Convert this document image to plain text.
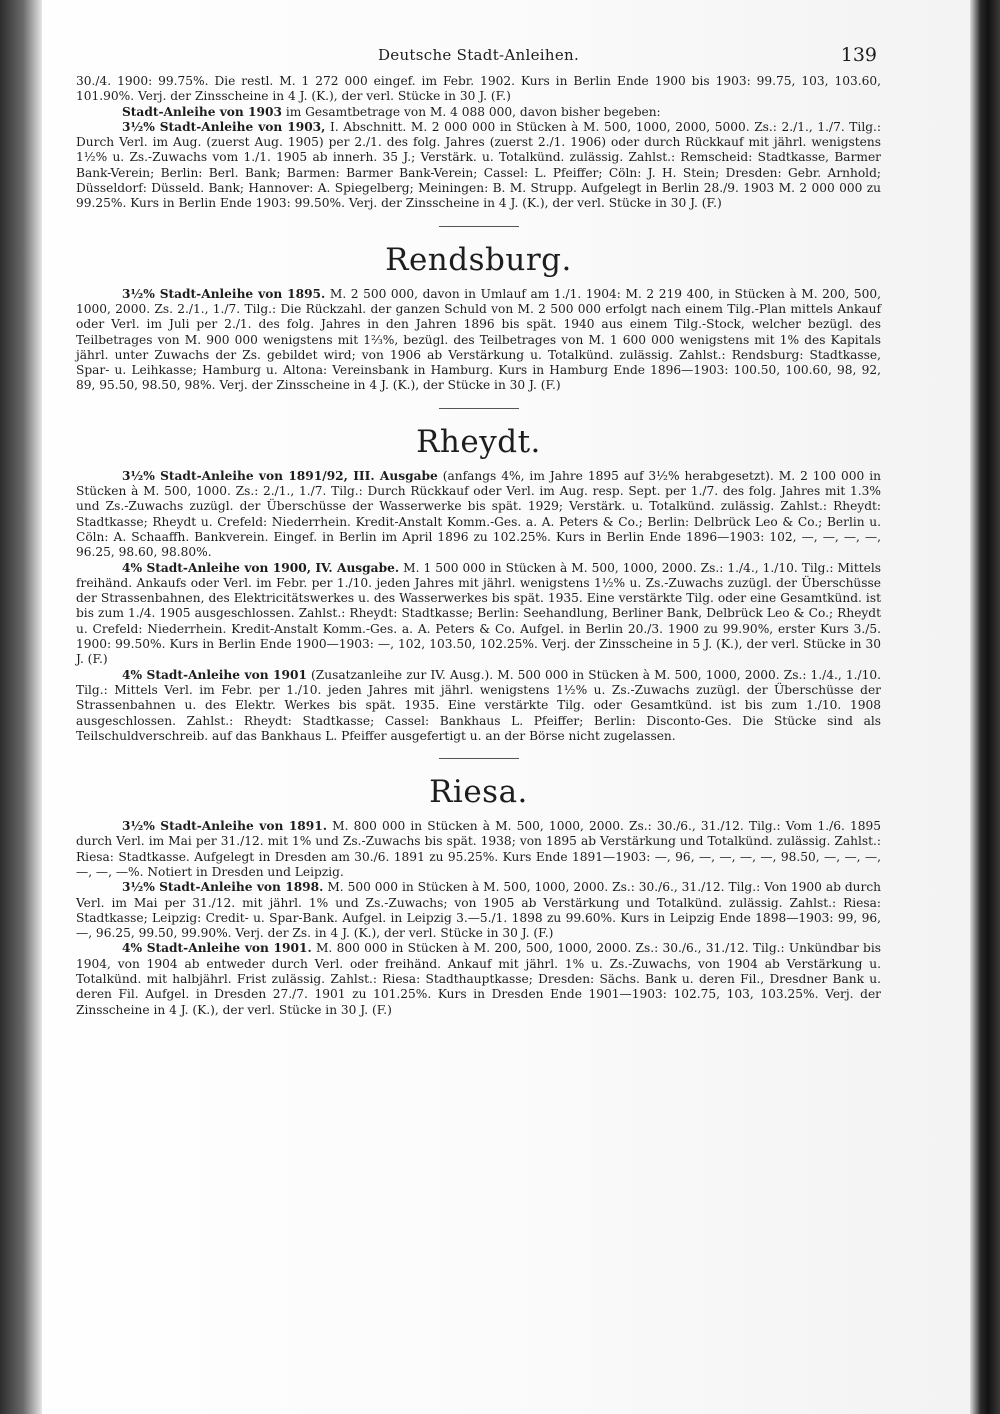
Deutsche Stadt-Anleihen.	139

30./4. 1900: 99.75%. Die restl. M. 1 272 000 eingef. im Febr. 1902. Kurs in Berlin Ende 1900 bis 1903: 99.75, 103, 103.60, 101.90%. Verj. der Zinsscheine in 4 J. (K.), der verl. Stücke in 30 J. (F.)

Stadt-Anleihe von 1903 im Gesamtbetrage von M. 4 088 000, davon bisher begeben:

3½% Stadt-Anleihe von 1903, I. Abschnitt. M. 2 000 000 in Stücken à M. 500, 1000, 2000, 5000. Zs.: 2./1., 1./7. Tilg.: Durch Verl. im Aug. (zuerst Aug. 1905) per 2./1. des folg. Jahres (zuerst 2./1. 1906) oder durch Rückkauf mit jährl. wenigstens 1½% u. Zs.-Zuwachs vom 1./1. 1905 ab innerh. 35 J.; Verstärk. u. Totalkünd. zulässig. Zahlst.: Remscheid: Stadtkasse, Barmer Bank-Verein; Berlin: Berl. Bank; Barmen: Barmer Bank-Verein; Cassel: L. Pfeiffer; Cöln: J. H. Stein; Dresden: Gebr. Arnhold; Düsseldorf: Düsseld. Bank; Hannover: A. Spiegelberg; Meiningen: B. M. Strupp. Aufgelegt in Berlin 28./9. 1903 M. 2 000 000 zu 99.25%. Kurs in Berlin Ende 1903: 99.50%. Verj. der Zinsscheine in 4 J. (K.), der verl. Stücke in 30 J. (F.)

Rendsburg.

3½% Stadt-Anleihe von 1895. M. 2 500 000, davon in Umlauf am 1./1. 1904: M. 2 219 400, in Stücken à M. 200, 500, 1000, 2000. Zs. 2./1., 1./7. Tilg.: Die Rückzahl. der ganzen Schuld von M. 2 500 000 erfolgt nach einem Tilg.-Plan mittels Ankauf oder Verl. im Juli per 2./1. des folg. Jahres in den Jahren 1896 bis spät. 1940 aus einem Tilg.-Stock, welcher bezügl. des Teilbetrages von M. 900 000 wenigstens mit 1⅔%, bezügl. des Teilbetrages von M. 1 600 000 wenigstens mit 1% des Kapitals jährl. unter Zuwachs der Zs. gebildet wird; von 1906 ab Verstärkung u. Totalkünd. zulässig. Zahlst.: Rendsburg: Stadtkasse, Spar- u. Leihkasse; Hamburg u. Altona: Vereinsbank in Hamburg. Kurs in Hamburg Ende 1896—1903: 100.50, 100.60, 98, 92, 89, 95.50, 98.50, 98%. Verj. der Zinsscheine in 4 J. (K.), der Stücke in 30 J. (F.)

Rheydt.

3½% Stadt-Anleihe von 1891/92, III. Ausgabe (anfangs 4%, im Jahre 1895 auf 3½% herabgesetzt). M. 2 100 000 in Stücken à M. 500, 1000. Zs.: 2./1., 1./7. Tilg.: Durch Rückkauf oder Verl. im Aug. resp. Sept. per 1./7. des folg. Jahres mit 1.3% und Zs.-Zuwachs zuzügl. der Überschüsse der Wasserwerke bis spät. 1929; Verstärk. u. Totalkünd. zulässig. Zahlst.: Rheydt: Stadtkasse; Rheydt u. Crefeld: Niederrhein. Kredit-Anstalt Komm.-Ges. a. A. Peters & Co.; Berlin: Delbrück Leo & Co.; Berlin u. Cöln: A. Schaaffh. Bankverein. Eingef. in Berlin im April 1896 zu 102.25%. Kurs in Berlin Ende 1896—1903: 102, —, —, —, —, 96.25, 98.60, 98.80%.

4% Stadt-Anleihe von 1900, IV. Ausgabe. M. 1 500 000 in Stücken à M. 500, 1000, 2000. Zs.: 1./4., 1./10. Tilg.: Mittels freihänd. Ankaufs oder Verl. im Febr. per 1./10. jeden Jahres mit jährl. wenigstens 1½% u. Zs.-Zuwachs zuzügl. der Überschüsse der Strassenbahnen, des Elektricitätswerkes u. des Wasserwerkes bis spät. 1935. Eine verstärkte Tilg. oder eine Gesamtkünd. ist bis zum 1./4. 1905 ausgeschlossen. Zahlst.: Rheydt: Stadtkasse; Berlin: Seehandlung, Berliner Bank, Delbrück Leo & Co.; Rheydt u. Crefeld: Niederrhein. Kredit-Anstalt Komm.-Ges. a. A. Peters & Co. Aufgel. in Berlin 20./3. 1900 zu 99.90%, erster Kurs 3./5. 1900: 99.50%. Kurs in Berlin Ende 1900—1903: —, 102, 103.50, 102.25%. Verj. der Zinsscheine in 5 J. (K.), der verl. Stücke in 30 J. (F.)

4% Stadt-Anleihe von 1901 (Zusatzanleihe zur IV. Ausg.). M. 500 000 in Stücken à M. 500, 1000, 2000. Zs.: 1./4., 1./10. Tilg.: Mittels Verl. im Febr. per 1./10. jeden Jahres mit jährl. wenigstens 1½% u. Zs.-Zuwachs zuzügl. der Überschüsse der Strassenbahnen u. des Elektr. Werkes bis spät. 1935. Eine verstärkte Tilg. oder Gesamtkünd. ist bis zum 1./10. 1908 ausgeschlossen. Zahlst.: Rheydt: Stadtkasse; Cassel: Bankhaus L. Pfeiffer; Berlin: Disconto-Ges. Die Stücke sind als Teilschuldverschreib. auf das Bankhaus L. Pfeiffer ausgefertigt u. an der Börse nicht zugelassen.

Riesa.

3½% Stadt-Anleihe von 1891. M. 800 000 in Stücken à M. 500, 1000, 2000. Zs.: 30./6., 31./12. Tilg.: Vom 1./6. 1895 durch Verl. im Mai per 31./12. mit 1% und Zs.-Zuwachs bis spät. 1938; von 1895 ab Verstärkung und Totalkünd. zulässig. Zahlst.: Riesa: Stadtkasse. Aufgelegt in Dresden am 30./6. 1891 zu 95.25%. Kurs Ende 1891—1903: —, 96, —, —, —, —, 98.50, —, —, —, —, —, —%. Notiert in Dresden und Leipzig.

3½% Stadt-Anleihe von 1898. M. 500 000 in Stücken à M. 500, 1000, 2000. Zs.: 30./6., 31./12. Tilg.: Von 1900 ab durch Verl. im Mai per 31./12. mit jährl. 1% und Zs.-Zuwachs; von 1905 ab Verstärkung und Totalkünd. zulässig. Zahlst.: Riesa: Stadtkasse; Leipzig: Credit- u. Spar-Bank. Aufgel. in Leipzig 3.—5./1. 1898 zu 99.60%. Kurs in Leipzig Ende 1898—1903: 99, 96, —, 96.25, 99.50, 99.90%. Verj. der Zs. in 4 J. (K.), der verl. Stücke in 30 J. (F.)

4% Stadt-Anleihe von 1901. M. 800 000 in Stücken à M. 200, 500, 1000, 2000. Zs.: 30./6., 31./12. Tilg.: Unkündbar bis 1904, von 1904 ab entweder durch Verl. oder freihänd. Ankauf mit jährl. 1% u. Zs.-Zuwachs, von 1904 ab Verstärkung u. Totalkünd. mit halbjährl. Frist zulässig. Zahlst.: Riesa: Stadthauptkasse; Dresden: Sächs. Bank u. deren Fil., Dresdner Bank u. deren Fil. Aufgel. in Dresden 27./7. 1901 zu 101.25%. Kurs in Dresden Ende 1901—1903: 102.75, 103, 103.25%. Verj. der Zinsscheine in 4 J. (K.), der verl. Stücke in 30 J. (F.)
